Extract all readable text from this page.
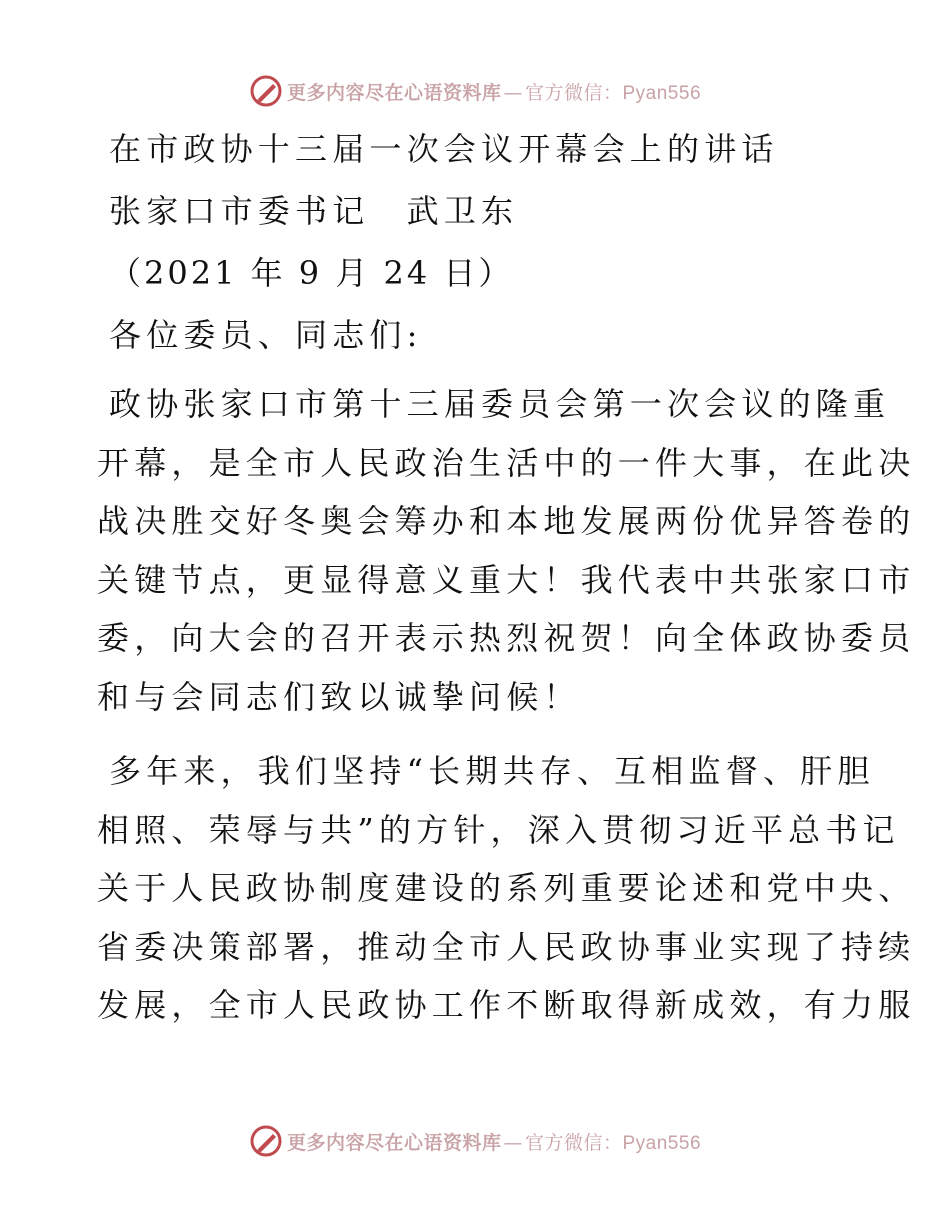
更多内容尽在心语资料库 — 官方微信：Pyan556

在市政协十三届一次会议开幕会上的讲话

张家口市委书记　武卫东

（2021 年 9 月 24 日）

各位委员、同志们:

政协张家口市第十三届委员会第一次会议的隆重

开幕，是全市人民政治生活中的一件大事，在此决

战决胜交好冬奥会筹办和本地发展两份优异答卷的

关键节点，更显得意义重大！我代表中共张家口市

委，向大会的召开表示热烈祝贺！向全体政协委员

和与会同志们致以诚挚问候！

多年来，我们坚持“长期共存、互相监督、肝胆

相照、荣辱与共”的方针，深入贯彻习近平总书记

关于人民政协制度建设的系列重要论述和党中央、

省委决策部署，推动全市人民政协事业实现了持续

发展，全市人民政协工作不断取得新成效，有力服

更多内容尽在心语资料库 — 官方微信：Pyan556
